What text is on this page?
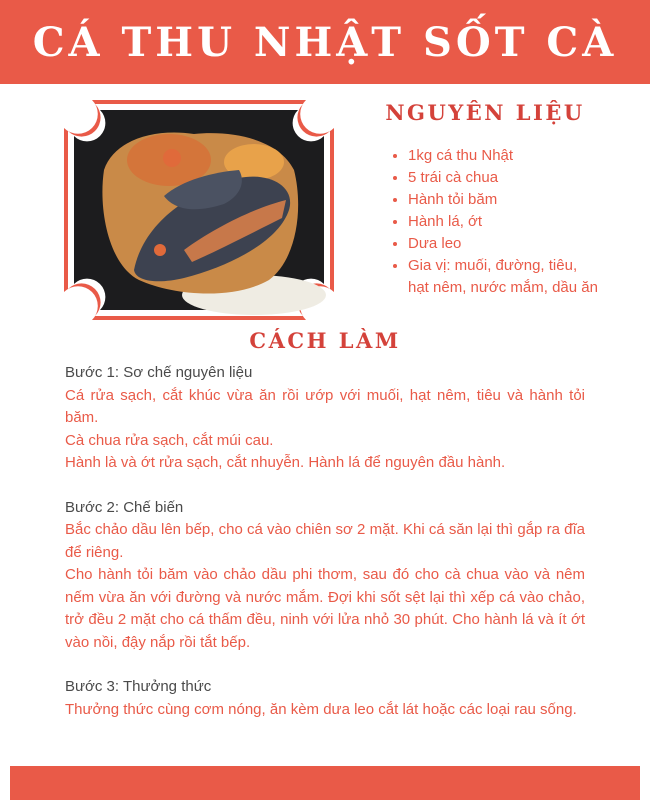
CÁ THU NHẬT SỐT CÀ
NGUYÊN LIỆU
• 1kg cá thu Nhật
• 5 trái cà chua
• Hành tỏi băm
• Hành lá, ớt
• Dưa leo
• Gia vị: muối, đường, tiêu, hạt nêm, nước mắm, dầu ăn
CÁCH LÀM
Bước 1: Sơ chế nguyên liệu
Cá rửa sạch, cắt khúc vừa ăn rồi ướp với muối, hạt nêm, tiêu và hành tỏi băm.
Cà chua rửa sạch, cắt múi cau.
Hành là và ớt rửa sạch, cắt nhuyễn. Hành lá để nguyên đầu hành.
Bước 2: Chế biến
Bắc chảo dầu lên bếp, cho cá vào chiên sơ 2 mặt. Khi cá săn lại thì gắp ra đĩa để riêng.
Cho hành tỏi băm vào chảo dầu phi thơm, sau đó cho cà chua vào và nêm nếm vừa ăn với đường và nước mắm. Đợi khi sốt sệt lại thì xếp cá vào chảo, trở đều 2 mặt cho cá thấm đều, ninh với lửa nhỏ 30 phút. Cho hành lá và ít ớt vào nồi, đậy nắp rồi tắt bếp.
Bước 3: Thưởng thức
Thưởng thức cùng cơm nóng, ăn kèm dưa leo cắt lát hoặc các loại rau sống.
